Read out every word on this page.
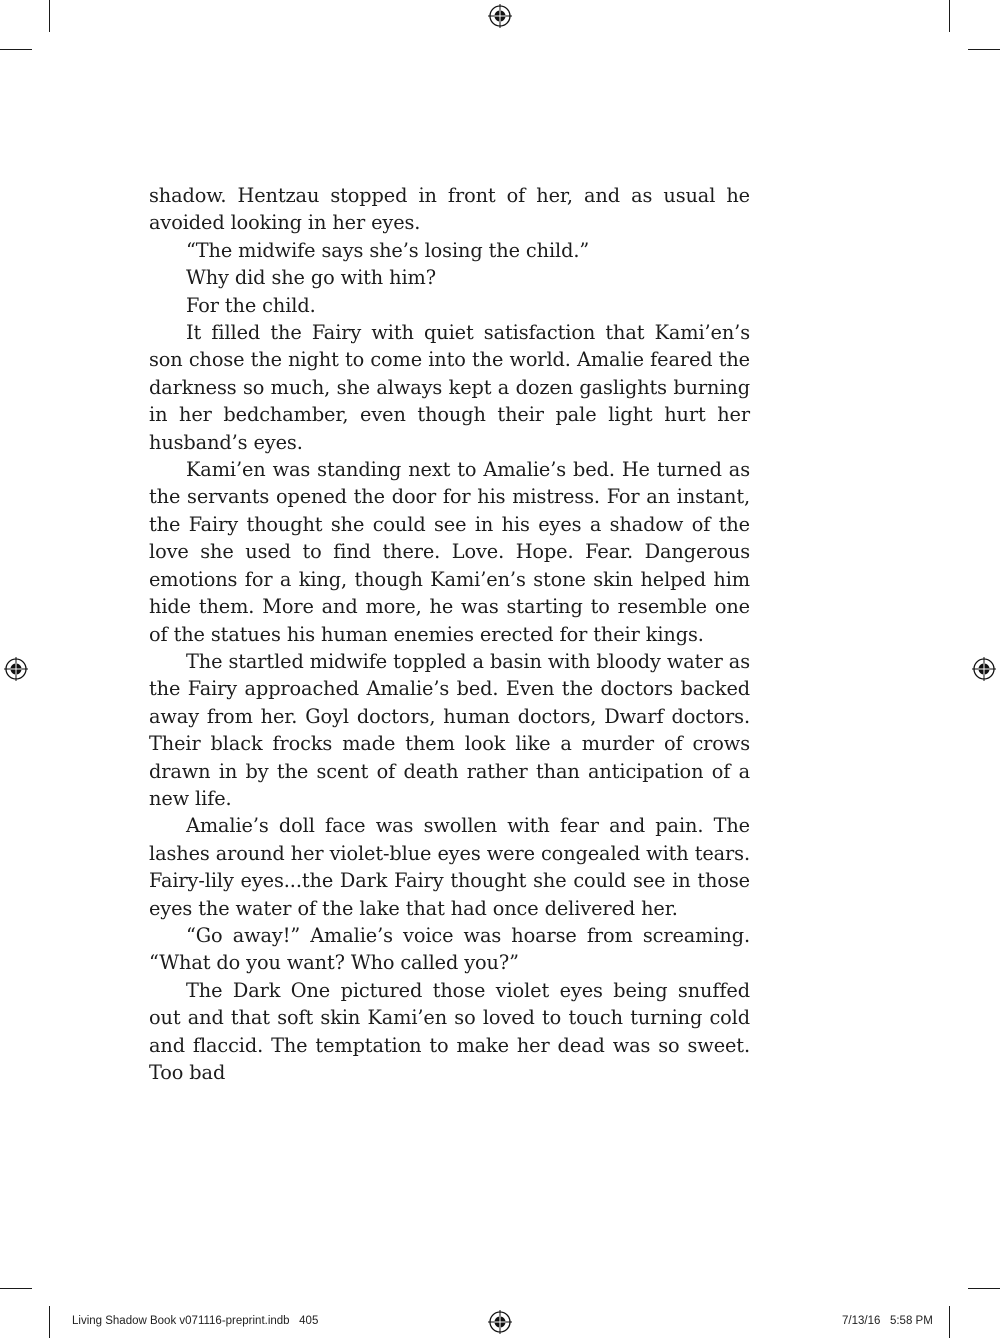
shadow. Hentzau stopped in front of her, and as usual he avoided looking in her eyes.

“The midwife says she’s losing the child.”

Why did she go with him?

For the child.

It filled the Fairy with quiet satisfaction that Kami’en’s son chose the night to come into the world. Amalie feared the darkness so much, she always kept a dozen gaslights burning in her bedchamber, even though their pale light hurt her husband’s eyes.

Kami’en was standing next to Amalie’s bed. He turned as the servants opened the door for his mistress. For an instant, the Fairy thought she could see in his eyes a shadow of the love she used to find there. Love. Hope. Fear. Dangerous emotions for a king, though Kami’en’s stone skin helped him hide them. More and more, he was starting to resemble one of the statues his human enemies erected for their kings.

The startled midwife toppled a basin with bloody water as the Fairy approached Amalie’s bed. Even the doctors backed away from her. Goyl doctors, human doctors, Dwarf doctors. Their black frocks made them look like a murder of crows drawn in by the scent of death rather than anticipation of a new life.

Amalie’s doll face was swollen with fear and pain. The lashes around her violet-blue eyes were congealed with tears. Fairy-lily eyes...the Dark Fairy thought she could see in those eyes the water of the lake that had once delivered her.

“Go away!” Amalie’s voice was hoarse from screaming. “What do you want? Who called you?”

The Dark One pictured those violet eyes being snuffed out and that soft skin Kami’en so loved to touch turning cold and flaccid. The temptation to make her dead was so sweet. Too bad

Living Shadow Book v071116-preprint.indb   405	7/13/16   5:58 PM
